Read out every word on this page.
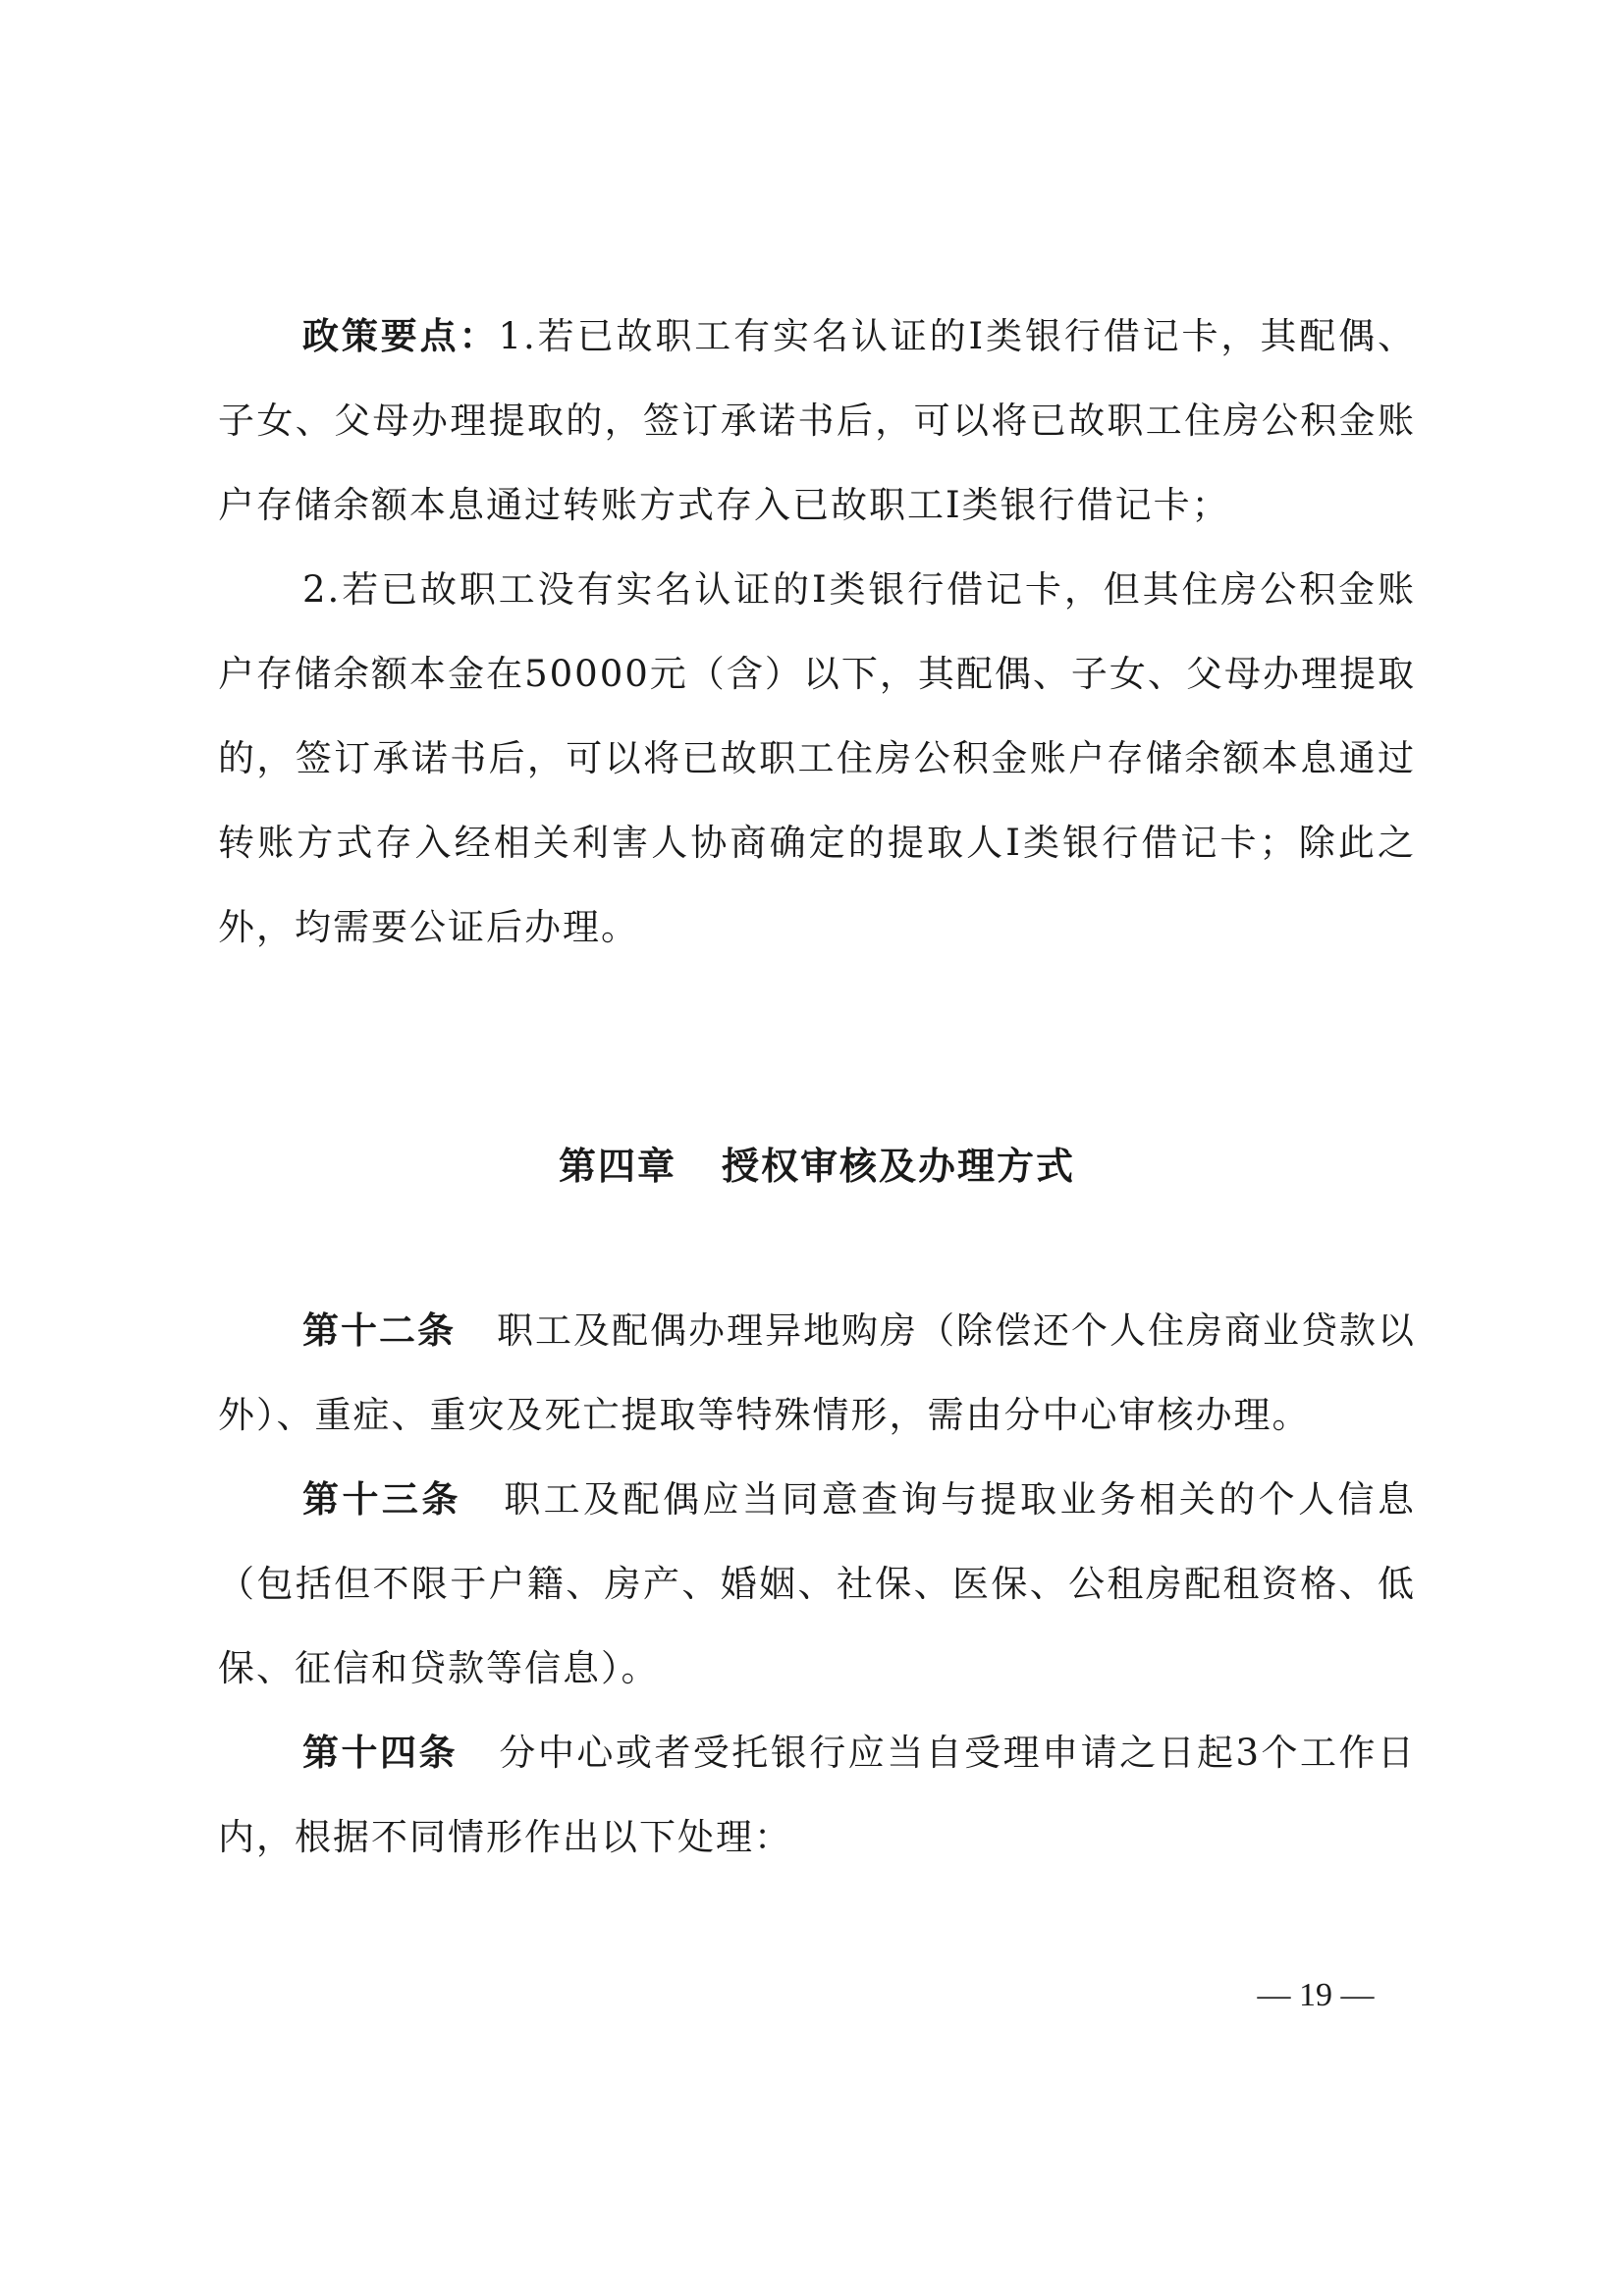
政策要点：1.若已故职工有实名认证的Ⅰ类银行借记卡，其配偶、子女、父母办理提取的，签订承诺书后，可以将已故职工住房公积金账户存储余额本息通过转账方式存入已故职工Ⅰ类银行借记卡；

2.若已故职工没有实名认证的Ⅰ类银行借记卡，但其住房公积金账户存储余额本金在50000元（含）以下，其配偶、子女、父母办理提取的，签订承诺书后，可以将已故职工住房公积金账户存储余额本息通过转账方式存入经相关利害人协商确定的提取人Ⅰ类银行借记卡；除此之外，均需要公证后办理。

第四章 授权审核及办理方式

第十二条 职工及配偶办理异地购房（除偿还个人住房商业贷款以外）、重症、重灾及死亡提取等特殊情形，需由分中心审核办理。

第十三条 职工及配偶应当同意查询与提取业务相关的个人信息（包括但不限于户籍、房产、婚姻、社保、医保、公租房配租资格、低保、征信和贷款等信息）。

第十四条 分中心或者受托银行应当自受理申请之日起3个工作日内，根据不同情形作出以下处理：

— 19 —
